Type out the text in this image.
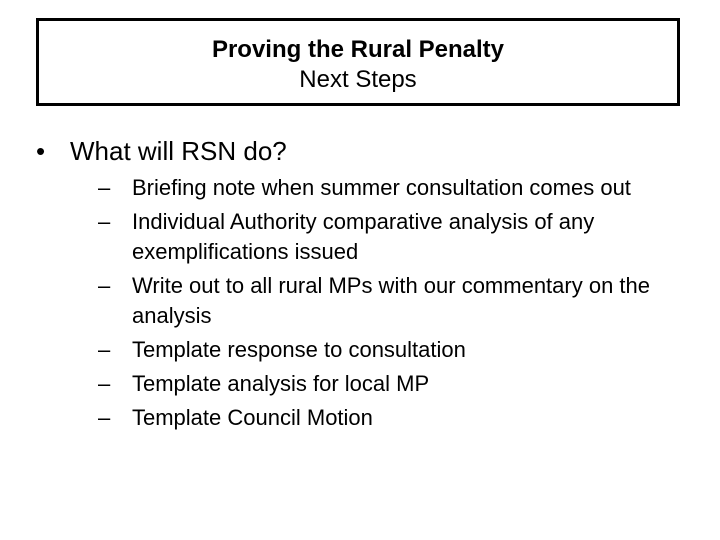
Proving the Rural Penalty
Next Steps
• What will RSN do?
– Briefing note when summer consultation comes out
– Individual Authority comparative analysis of any exemplifications issued
– Write out to all rural MPs with our commentary on the analysis
– Template response to consultation
– Template analysis for local MP
– Template Council Motion
